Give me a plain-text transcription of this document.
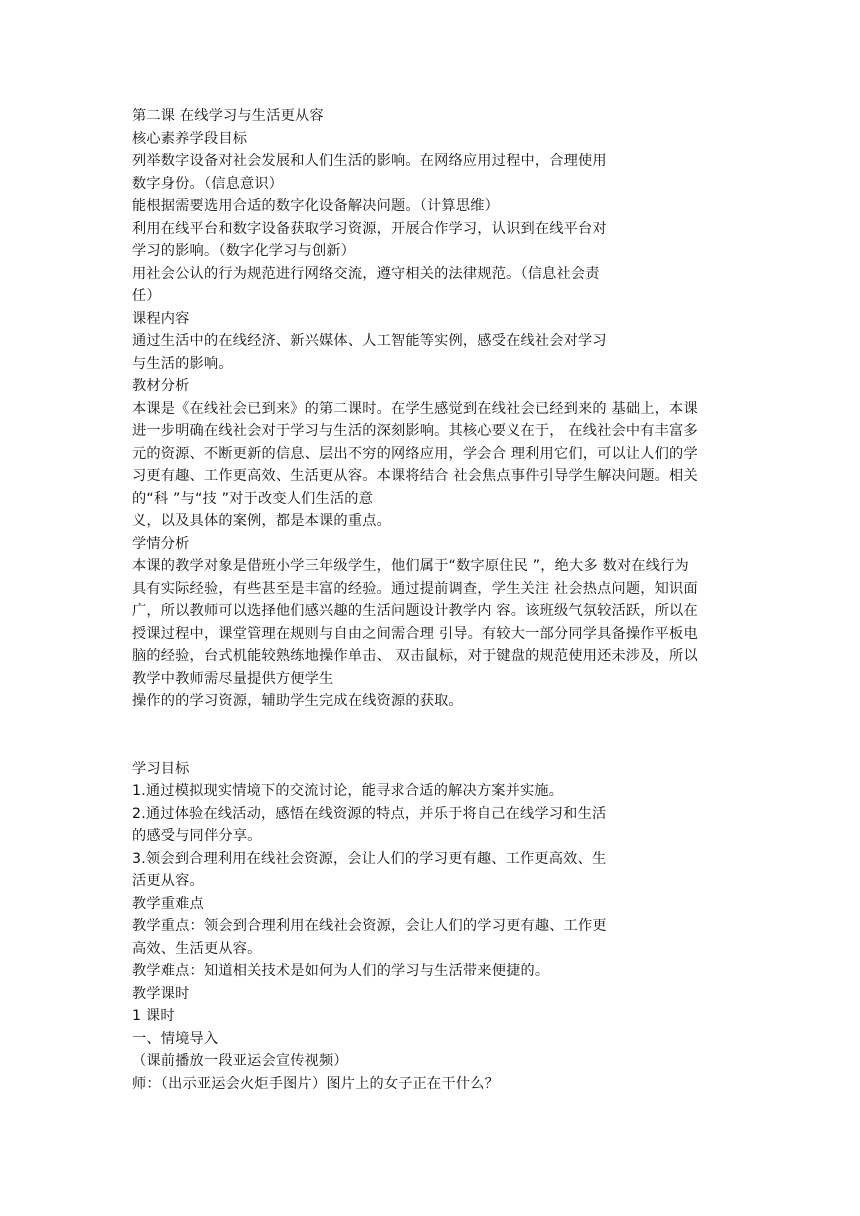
第二课 在线学习与生活更从容
核心素养学段目标
列举数字设备对社会发展和人们生活的影响。在网络应用过程中，合理使用
数字身份。（信息意识）
能根据需要选用合适的数字化设备解决问题。（计算思维）
利用在线平台和数字设备获取学习资源，开展合作学习，认识到在线平台对
学习的影响。（数字化学习与创新）
用社会公认的行为规范进行网络交流，遵守相关的法律规范。（信息社会责
任）
课程内容
通过生活中的在线经济、新兴媒体、人工智能等实例，感受在线社会对学习
与生活的影响。
教材分析
本课是《在线社会已到来》的第二课时。在学生感觉到在线社会已经到来的 基础上，本课
进一步明确在线社会对于学习与生活的深刻影响。其核心要义在于， 在线社会中有丰富多
元的资源、不断更新的信息、层出不穷的网络应用，学会合 理利用它们，可以让人们的学
习更有趣、工作更高效、生活更从容。本课将结合 社会焦点事件引导学生解决问题。相关
的“科 ”与“技 ”对于改变人们生活的意
义，以及具体的案例，都是本课的重点。
学情分析
本课的教学对象是借班小学三年级学生，他们属于“数字原住民 ”，绝大多 数对在线行为
具有实际经验，有些甚至是丰富的经验。通过提前调查，学生关注 社会热点问题，知识面
广，所以教师可以选择他们感兴趣的生活问题设计教学内 容。该班级气氛较活跃，所以在
授课过程中，课堂管理在规则与自由之间需合理 引导。有较大一部分同学具备操作平板电
脑的经验，台式机能较熟练地操作单击、 双击鼠标，对于键盘的规范使用还未涉及，所以
教学中教师需尽量提供方便学生
操作的的学习资源，辅助学生完成在线资源的获取。
学习目标
1.通过模拟现实情境下的交流讨论，能寻求合适的解决方案并实施。
2.通过体验在线活动，感悟在线资源的特点，并乐于将自己在线学习和生活
的感受与同伴分享。
3.领会到合理利用在线社会资源，会让人们的学习更有趣、工作更高效、生
活更从容。
教学重难点
教学重点：领会到合理利用在线社会资源，会让人们的学习更有趣、工作更
高效、生活更从容。
教学难点：知道相关技术是如何为人们的学习与生活带来便捷的。
教学课时
1 课时
一、情境导入
（课前播放一段亚运会宣传视频）
师：（出示亚运会火炬手图片）图片上的女子正在干什么？
